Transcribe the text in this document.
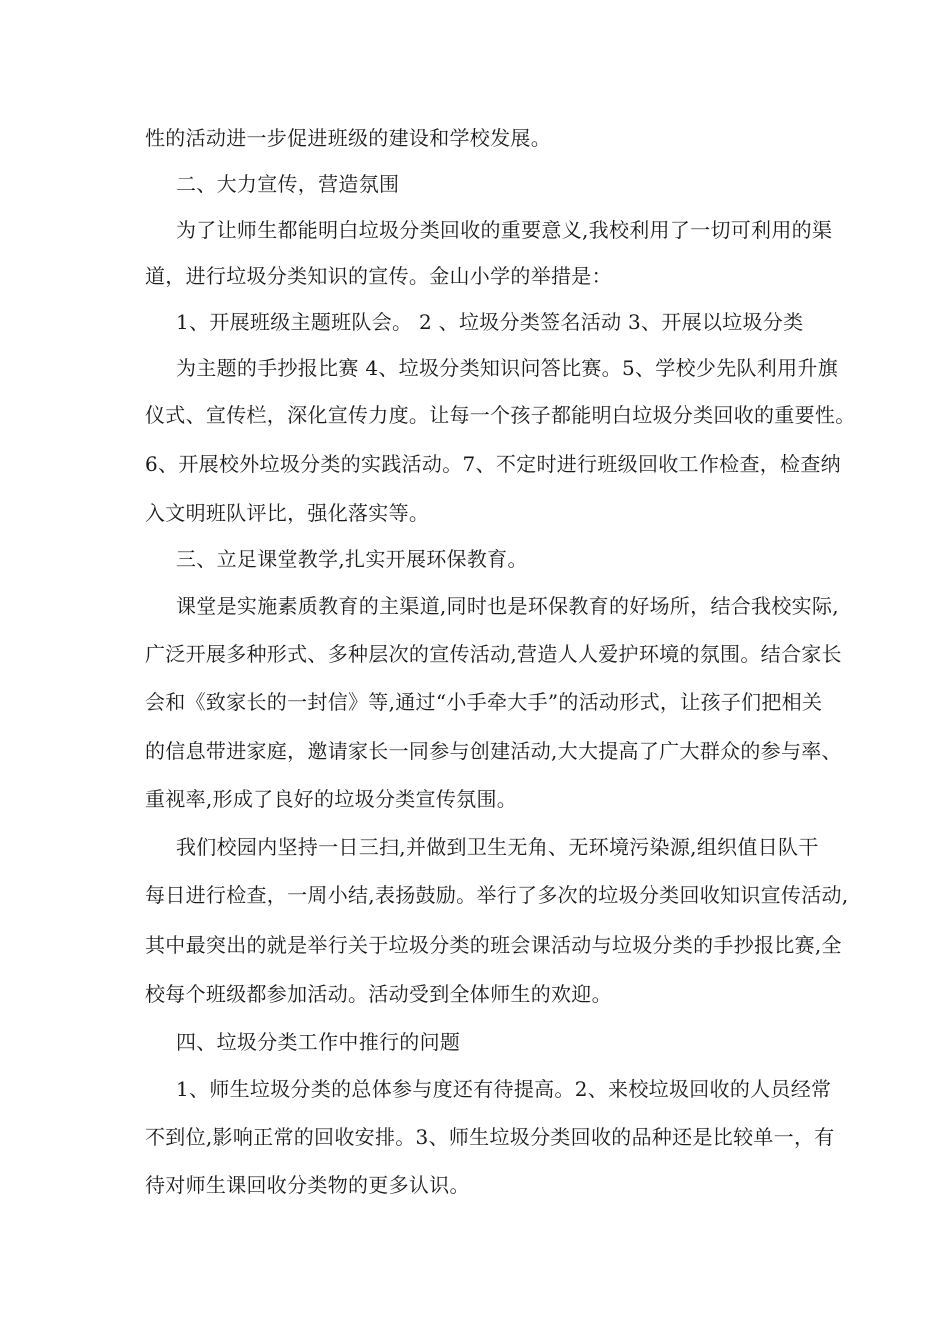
性的活动进一步促进班级的建设和学校发展。
二、大力宣传，营造氛围
为了让师生都能明白垃圾分类回收的重要意义,我校利用了一切可利用的渠
道，进行垃圾分类知识的宣传。金山小学的举措是：
1、开展班级主题班队会。 2 、垃圾分类签名活动 3、开展以垃圾分类
为主题的手抄报比赛 4、垃圾分类知识问答比赛。5、学校少先队利用升旗
仪式、宣传栏，深化宣传力度。让每一个孩子都能明白垃圾分类回收的重要性。
6、开展校外垃圾分类的实践活动。7、不定时进行班级回收工作检查，检查纳
入文明班队评比，强化落实等。
三、立足课堂教学,扎实开展环保教育。
课堂是实施素质教育的主渠道,同时也是环保教育的好场所，结合我校实际,
广泛开展多种形式、多种层次的宣传活动,营造人人爱护环境的氛围。结合家长
会和《致家长的一封信》等,通过“小手牵大手”的活动形式，让孩子们把相关
的信息带进家庭，邀请家长一同参与创建活动,大大提高了广大群众的参与率、
重视率,形成了良好的垃圾分类宣传氛围。
我们校园内坚持一日三扫,并做到卫生无角、无环境污染源,组织值日队干
每日进行检查，一周小结,表扬鼓励。举行了多次的垃圾分类回收知识宣传活动,
其中最突出的就是举行关于垃圾分类的班会课活动与垃圾分类的手抄报比赛,全
校每个班级都参加活动。活动受到全体师生的欢迎。
四、垃圾分类工作中推行的问题
1、师生垃圾分类的总体参与度还有待提高。2、来校垃圾回收的人员经常
不到位,影响正常的回收安排。3、师生垃圾分类回收的品种还是比较单一，有
待对师生课回收分类物的更多认识。
